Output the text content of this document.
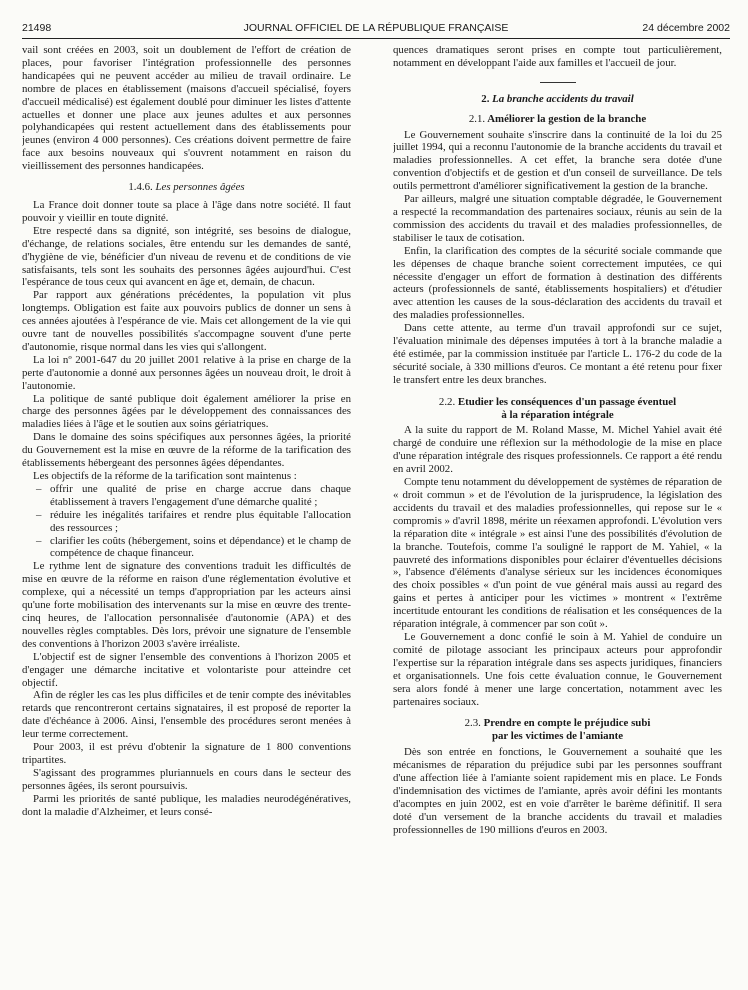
21498	JOURNAL OFFICIEL DE LA RÉPUBLIQUE FRANÇAISE	24 décembre 2002

vail sont créées en 2003, soit un doublement de l'effort de création de places, pour favoriser l'intégration professionnelle des personnes handicapées qui ne peuvent accéder au milieu de travail ordinaire. Le nombre de places en établissement (maisons d'accueil spécialisé, foyers d'accueil médicalisé) est également doublé pour diminuer les listes d'attente actuelles et donner une place aux jeunes adultes et aux personnes polyhandicapées qui restent actuellement dans des établissements pour jeunes (environ 4 000 personnes). Ces créations doivent permettre de faire face aux besoins nouveaux qui s'ouvrent notamment en raison du vieillissement des personnes handicapées.

1.4.6. Les personnes âgées

La France doit donner toute sa place à l'âge dans notre société. Il faut pouvoir y vieillir en toute dignité.

Etre respecté dans sa dignité, son intégrité, ses besoins de dialogue, d'échange, de relations sociales, être entendu sur les demandes de santé, d'hygiène de vie, bénéficier d'un niveau de revenu et de conditions de vie satisfaisants, tels sont les souhaits des personnes âgées aujourd'hui. C'est l'espérance de tous ceux qui avancent en âge et, demain, de chacun.

Par rapport aux générations précédentes, la population vit plus longtemps. Obligation est faite aux pouvoirs publics de donner un sens à ces années ajoutées à l'espérance de vie. Mais cet allongement de la vie qui ouvre tant de nouvelles possibilités s'accompagne souvent d'une perte d'autonomie, risque normal dans les vies qui s'allongent.

La loi nº 2001-647 du 20 juillet 2001 relative à la prise en charge de la perte d'autonomie a donné aux personnes âgées un nouveau droit, le droit à l'autonomie.

La politique de santé publique doit également améliorer la prise en charge des personnes âgées par le développement des connaissances des maladies liées à l'âge et le soutien aux soins gériatriques.

Dans le domaine des soins spécifiques aux personnes âgées, la priorité du Gouvernement est la mise en œuvre de la réforme de la tarification des établissements hébergeant des personnes âgées dépendantes.

Les objectifs de la réforme de la tarification sont maintenus :

– offrir une qualité de prise en charge accrue dans chaque établissement à travers l'engagement d'une démarche qualité ;
– réduire les inégalités tarifaires et rendre plus équitable l'allocation des ressources ;
– clarifier les coûts (hébergement, soins et dépendance) et le champ de compétence de chaque financeur.

Le rythme lent de signature des conventions traduit les difficultés de mise en œuvre de la réforme en raison d'une réglementation évolutive et complexe, qui a nécessité un temps d'appropriation par les acteurs ainsi qu'une forte mobilisation des intervenants sur la mise en œuvre des trente-cinq heures, de l'allocation personnalisée d'autonomie (APA) et des nouvelles règles comptables. Dès lors, prévoir une signature de l'ensemble des conventions à l'horizon 2003 s'avère irréaliste.

L'objectif est de signer l'ensemble des conventions à l'horizon 2005 et d'engager une démarche incitative et volontariste pour atteindre cet objectif.

Afin de régler les cas les plus difficiles et de tenir compte des inévitables retards que rencontreront certains signataires, il est proposé de reporter la date d'échéance à 2006. Ainsi, l'ensemble des procédures seront menées à leur terme correctement.

Pour 2003, il est prévu d'obtenir la signature de 1 800 conventions tripartites.

S'agissant des programmes pluriannuels en cours dans le secteur des personnes âgées, ils seront poursuivis.

Parmi les priorités de santé publique, les maladies neurodégénératives, dont la maladie d'Alzheimer, et leurs consé-

quences dramatiques seront prises en compte tout particulièrement, notamment en développant l'aide aux familles et l'accueil de jour.

2. La branche accidents du travail
2.1. Améliorer la gestion de la branche

Le Gouvernement souhaite s'inscrire dans la continuité de la loi du 25 juillet 1994, qui a reconnu l'autonomie de la branche accidents du travail et maladies professionnelles. A cet effet, la branche sera dotée d'une convention d'objectifs et de gestion et d'un conseil de surveillance. De tels outils permettront d'améliorer significativement la gestion de la branche.

Par ailleurs, malgré une situation comptable dégradée, le Gouvernement a respecté la recommandation des partenaires sociaux, réunis au sein de la commission des accidents du travail et des maladies professionnelles, de stabiliser le taux de cotisation.

Enfin, la clarification des comptes de la sécurité sociale commande que les dépenses de chaque branche soient correctement imputées, ce qui nécessite d'engager un effort de formation à destination des différents acteurs (professionnels de santé, établissements hospitaliers) et d'étudier avec attention les causes de la sous-déclaration des accidents du travail et des maladies professionnelles.

Dans cette attente, au terme d'un travail approfondi sur ce sujet, l'évaluation minimale des dépenses imputées à tort à la branche maladie a été estimée, par la commission instituée par l'article L. 176-2 du code de la sécurité sociale, à 330 millions d'euros. Ce montant a été retenu pour fixer le transfert entre les deux branches.

2.2. Etudier les conséquences d'un passage éventuel
à la réparation intégrale

A la suite du rapport de M. Roland Masse, M. Michel Yahiel avait été chargé de conduire une réflexion sur la méthodologie de la mise en place d'une réparation intégrale des risques professionnels. Ce rapport a été rendu en avril 2002.

Compte tenu notamment du développement de systèmes de réparation de « droit commun » et de l'évolution de la jurisprudence, la législation des accidents du travail et des maladies professionnelles, qui repose sur le « compromis » d'avril 1898, mérite un réexamen approfondi. L'évolution vers la réparation dite « intégrale » est ainsi l'une des possibilités d'évolution de la branche. Toutefois, comme l'a souligné le rapport de M. Yahiel, « la pauvreté des informations disponibles pour éclairer d'éventuelles décisions », l'absence d'éléments d'analyse sérieux sur les incidences économiques des choix possibles « d'un point de vue général mais aussi au regard des gains et pertes à anticiper pour les victimes » montrent « l'extrême incertitude entourant les conditions de réalisation et les conséquences de la réparation intégrale, à commencer par son coût ».

Le Gouvernement a donc confié le soin à M. Yahiel de conduire un comité de pilotage associant les principaux acteurs pour approfondir l'expertise sur la réparation intégrale dans ses aspects juridiques, financiers et organisationnels. Une fois cette évaluation connue, le Gouvernement sera alors fondé à mener une large concertation, notamment avec les partenaires sociaux.

2.3. Prendre en compte le préjudice subi
par les victimes de l'amiante

Dès son entrée en fonctions, le Gouvernement a souhaité que les mécanismes de réparation du préjudice subi par les personnes souffrant d'une affection liée à l'amiante soient rapidement mis en place. Le Fonds d'indemnisation des victimes de l'amiante, après avoir défini les montants d'acomptes en juin 2002, est en voie d'arrêter le barème définitif. Il sera doté d'un versement de la branche accidents du travail et maladies professionnelles de 190 millions d'euros en 2003.
